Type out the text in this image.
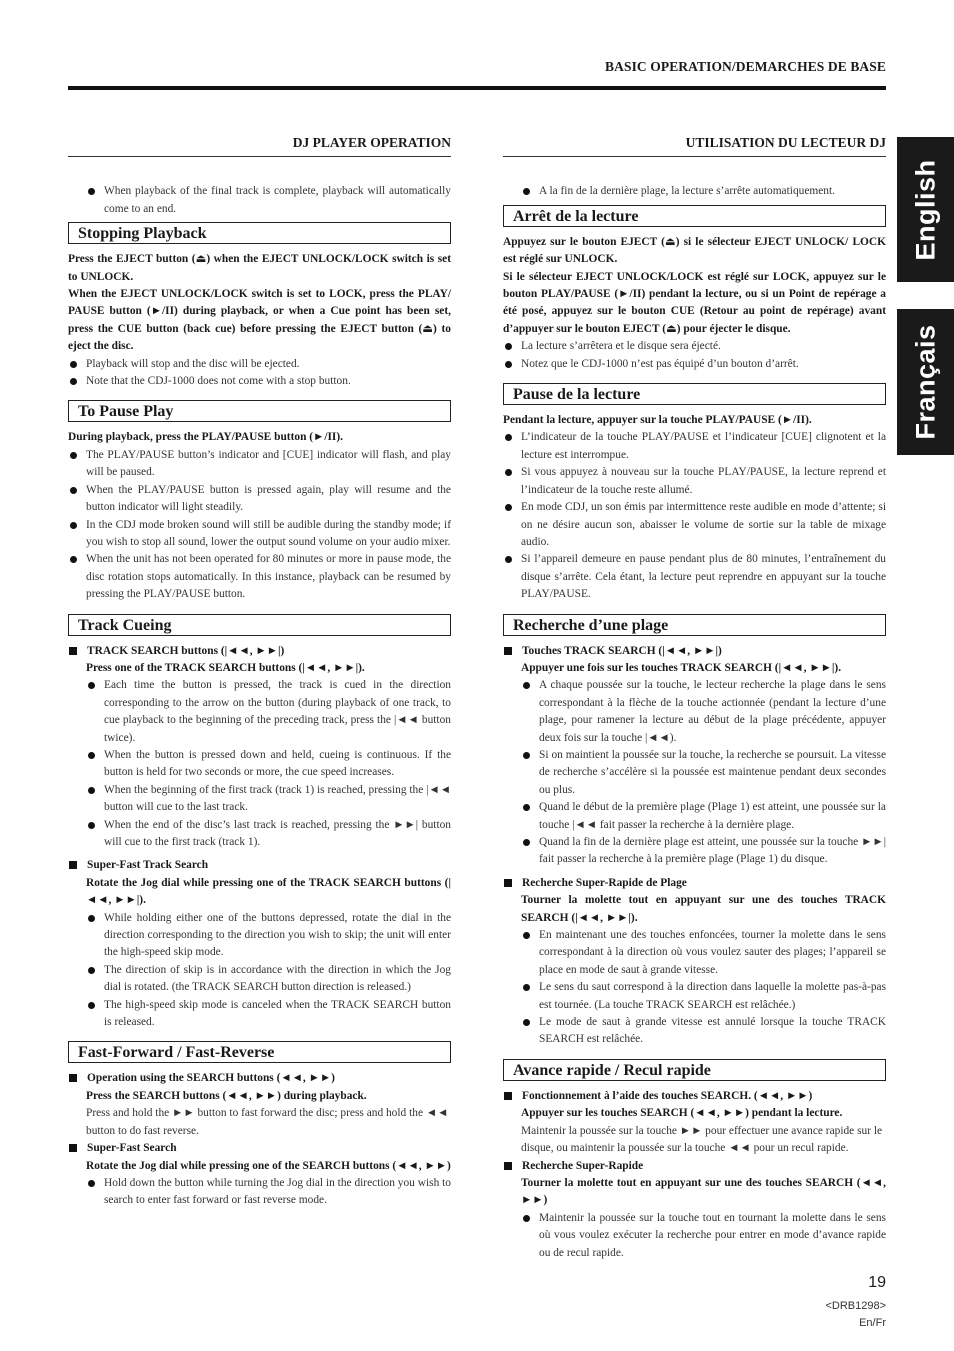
BASIC OPERATION/DEMARCHES DE BASE
English
Français
DJ PLAYER OPERATION

When playback of the final track is complete, playback will automatically come to an end.

Stopping Playback

Press the EJECT button (⏏) when the EJECT UNLOCK/LOCK switch is set to UNLOCK.

When the EJECT UNLOCK/LOCK switch is set to LOCK, press the PLAY/ PAUSE button (►/II) during playback, or when a Cue point has been set, press the CUE button (back cue) before pressing the EJECT button (⏏) to eject the disc.

Playback will stop and the disc will be ejected.

Note that the CDJ-1000 does not come with a stop button.

To Pause Play

During playback, press the PLAY/PAUSE button (►/II).

The PLAY/PAUSE button’s indicator and [CUE] indicator will flash, and play will be paused.

When the PLAY/PAUSE button is pressed again, play will resume and the button indicator will light steadily.

In the CDJ mode broken sound will still be audible during the standby mode; if you wish to stop all sound, lower the output sound volume on your audio mixer.

When the unit has not been operated for 80 minutes or more in pause mode, the disc rotation stops automatically. In this instance, playback can be resumed by pressing the PLAY/PAUSE button.

Track Cueing

TRACK SEARCH buttons (|◄◄, ►►|)

Press one of the TRACK SEARCH buttons (|◄◄, ►►|).

Each time the button is pressed, the track is cued in the direction corresponding to the arrow on the button (during playback of one track, to cue playback to the beginning of the preceding track, press the |◄◄ button twice).

When the button is pressed down and held, cueing is continuous. If the button is held for two seconds or more, the cue speed increases.

When the beginning of the first track (track 1) is reached, pressing the |◄◄ button will cue to the last track.

When the end of the disc’s last track is reached, pressing the ►►| button will cue to the first track (track 1).

Super-Fast Track Search

Rotate the Jog dial while pressing one of the TRACK SEARCH buttons (|◄◄, ►►|).

While holding either one of the buttons depressed, rotate the dial in the direction corresponding to the direction you wish to skip; the unit will enter the high-speed skip mode.

The direction of skip is in accordance with the direction in which the Jog dial is rotated. (the TRACK SEARCH button direction is released.)

The high-speed skip mode is canceled when the TRACK SEARCH button is released.

Fast-Forward / Fast-Reverse

Operation using the SEARCH buttons (◄◄, ►►)

Press the SEARCH buttons (◄◄, ►►) during playback.

Press and hold the ►► button to fast forward the disc; press and hold the ◄◄ button to do fast reverse.

Super-Fast Search

Rotate the Jog dial while pressing one of the SEARCH buttons (◄◄, ►►)

Hold down the button while turning the Jog dial in the direction you wish to search to enter fast forward or fast reverse mode.

UTILISATION DU LECTEUR DJ

A la fin de la dernière plage, la lecture s’arrête automatiquement.

Arrêt de la lecture

Appuyez sur le bouton EJECT (⏏) si le sélecteur EJECT UNLOCK/ LOCK est réglé sur UNLOCK.

Si le sélecteur EJECT UNLOCK/LOCK est réglé sur LOCK, appuyez sur le bouton PLAY/PAUSE (►/II) pendant la lecture, ou si un Point de repérage a été posé, appuyez sur le bouton CUE (Retour au point de repérage) avant d’appuyer sur le bouton EJECT (⏏) pour éjecter le disque.

La lecture s’arrêtera et le disque sera éjecté.

Notez que le CDJ-1000 n’est pas équipé d’un bouton d’arrêt.

Pause de la lecture

Pendant la lecture, appuyer sur la touche PLAY/PAUSE (►/II).

L’indicateur de la touche PLAY/PAUSE et l’indicateur [CUE] clignotent et la lecture est interrompue.

Si vous appuyez à nouveau sur la touche PLAY/PAUSE, la lecture reprend et l’indicateur de la touche reste allumé.

En mode CDJ, un son émis par intermittence reste audible en mode d’attente; si on ne désire aucun son, abaisser le volume de sortie sur la table de mixage audio.

Si l’appareil demeure en pause pendant plus de 80 minutes, l’entraînement du disque s’arrête. Cela étant, la lecture peut reprendre en appuyant sur la touche PLAY/PAUSE.

Recherche d’une plage

Touches TRACK SEARCH (|◄◄, ►►|)

Appuyer une fois sur les touches TRACK SEARCH (|◄◄, ►►|).

A chaque poussée sur la touche, le lecteur recherche la plage dans le sens correspondant à la flèche de la touche actionnée (pendant la lecture d’une plage, pour ramener la lecture au début de la plage précédente, appuyer deux fois sur la touche |◄◄).

Si on maintient la poussée sur la touche, la recherche se poursuit. La vitesse de recherche s’accélère si la poussée est maintenue pendant deux secondes ou plus.

Quand le début de la première plage (Plage 1) est atteint, une poussée sur la touche |◄◄ fait passer la recherche à la dernière plage.

Quand la fin de la dernière plage est atteint, une poussée sur la touche ►►| fait passer la recherche à la première plage (Plage 1) du disque.

Recherche Super-Rapide de Plage

Tourner la molette tout en appuyant sur une des touches TRACK SEARCH (|◄◄, ►►|).

En maintenant une des touches enfoncées, tourner la molette dans le sens correspondant à la direction où vous voulez sauter des plages; l’appareil se place en mode de saut à grande vitesse.

Le sens du saut correspond à la direction dans laquelle la molette pas-à-pas est tournée. (La touche TRACK SEARCH est relâchée.)

Le mode de saut à grande vitesse est annulé lorsque la touche TRACK SEARCH est relâchée.

Avance rapide / Recul rapide

Fonctionnement à l’aide des touches SEARCH. (◄◄, ►►)

Appuyer sur les touches SEARCH (◄◄, ►►) pendant la lecture.

Maintenir la poussée sur la touche ►► pour effectuer une avance rapide sur le disque, ou maintenir la poussée sur la touche ◄◄ pour un recul rapide.

Recherche Super-Rapide

Tourner la molette tout en appuyant sur une des touches SEARCH (◄◄, ►►)

Maintenir la poussée sur la touche tout en tournant la molette dans le sens où vous voulez exécuter la recherche pour entrer en mode d’avance rapide ou de recul rapide.

19
<DRB1298>
En/Fr
